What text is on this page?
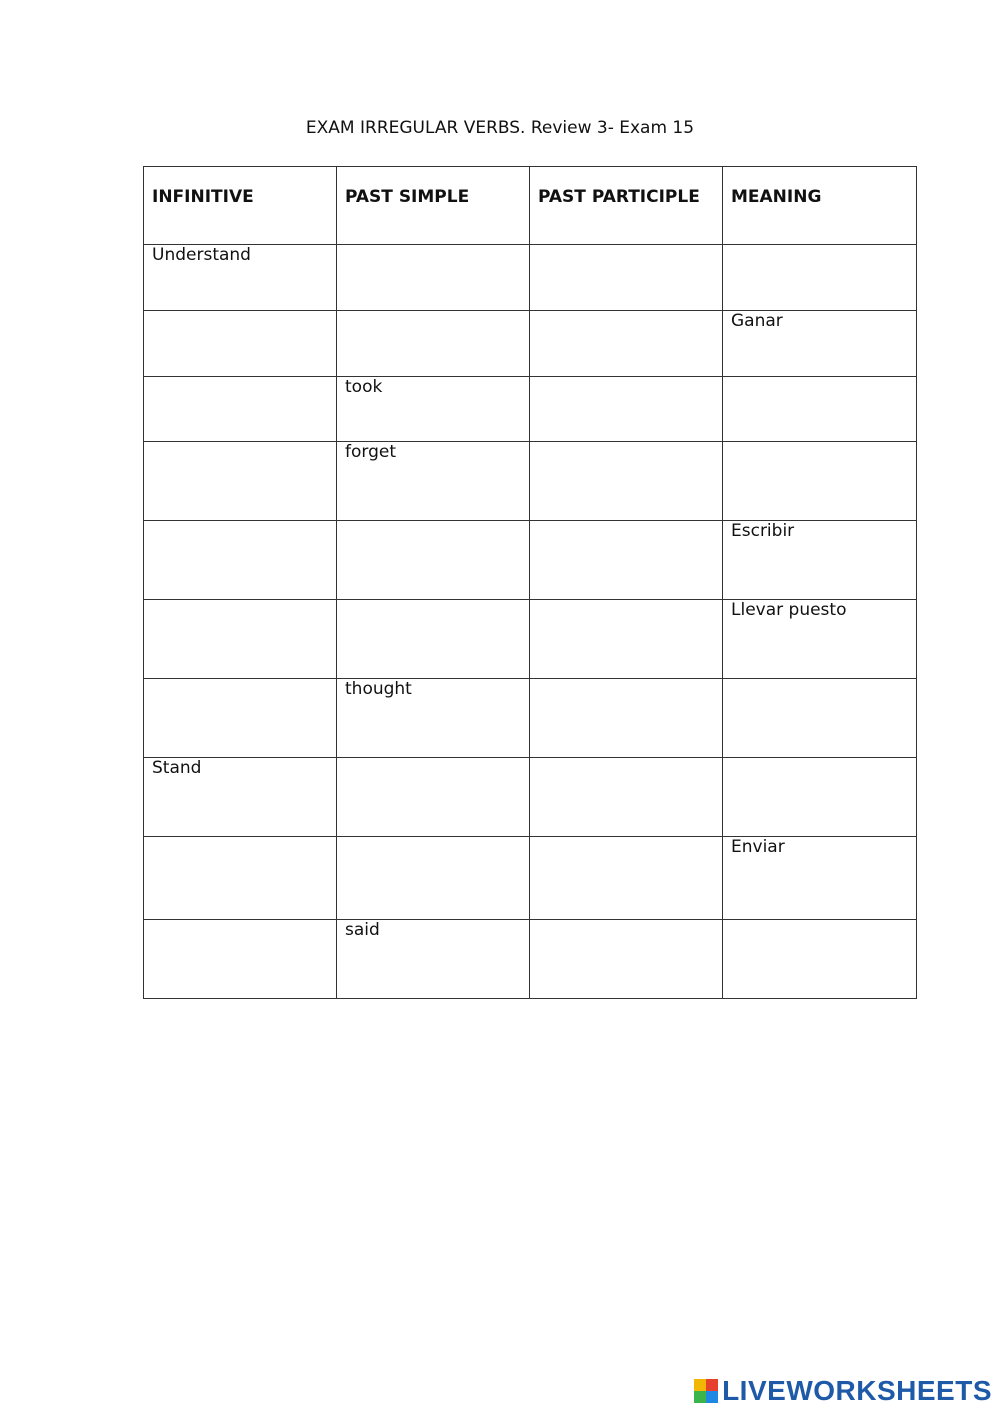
EXAM IRREGULAR VERBS. Review 3- Exam 15
INFINITIVE	PAST SIMPLE	PAST PARTICIPLE	MEANING
Understand			
			Ganar
	took		
	forget		
			Escribir
			Llevar puesto
	thought		
Stand			
			Enviar
	said		
LIVEWORKSHEETS
